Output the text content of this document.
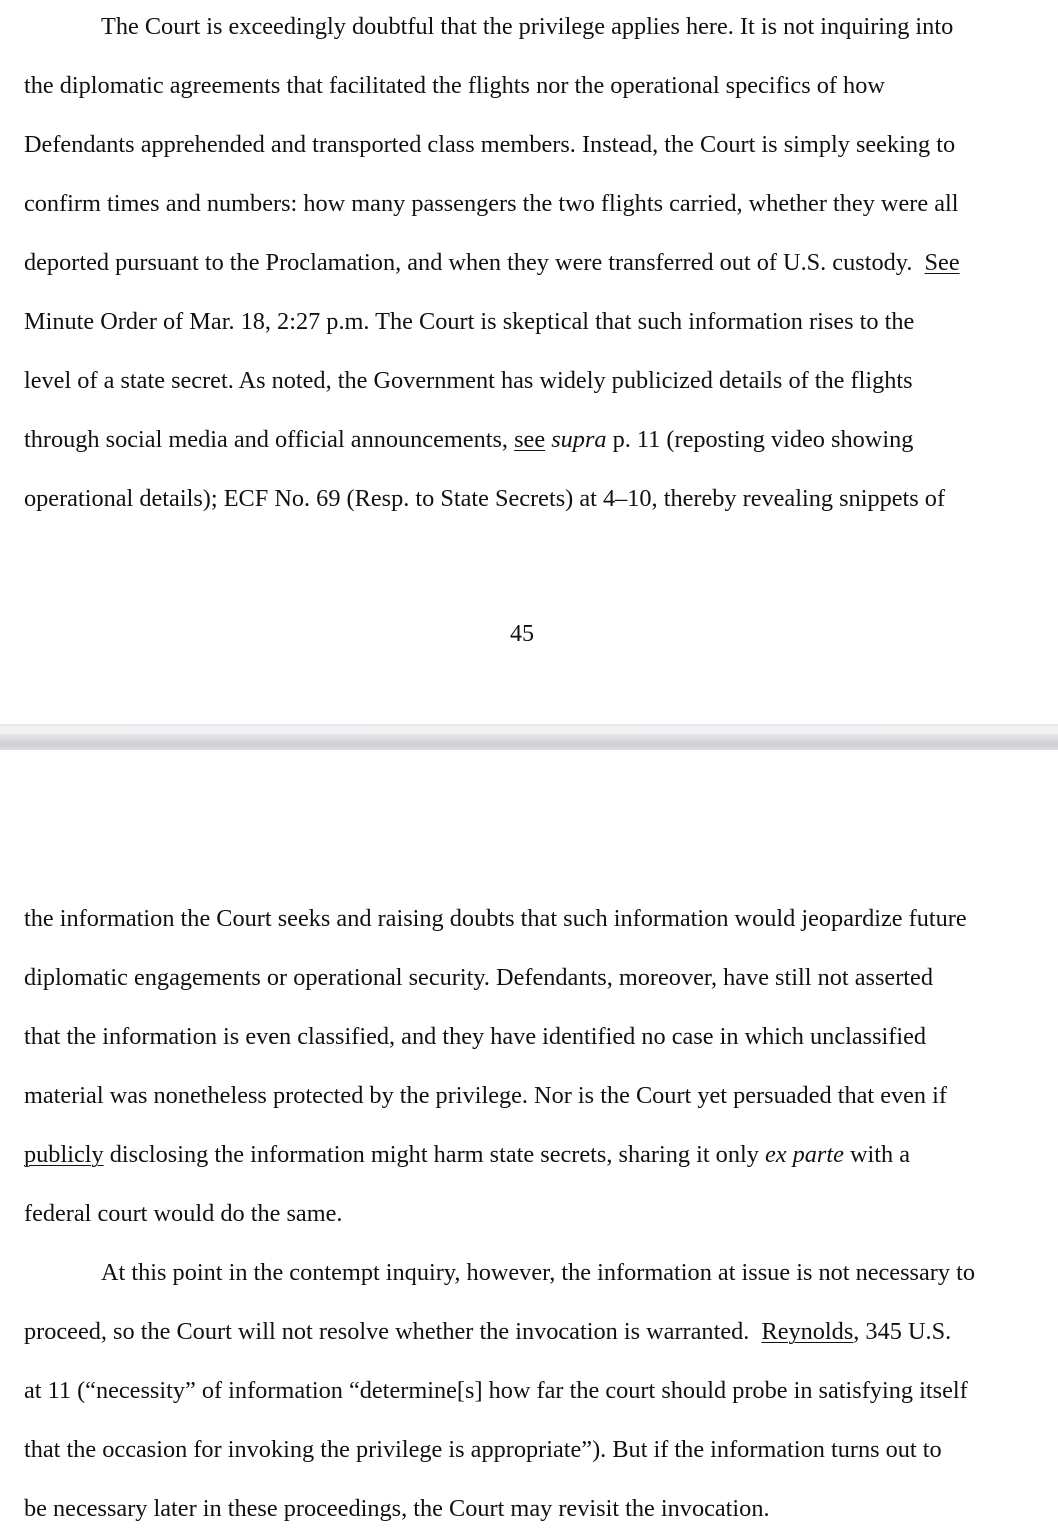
The Court is exceedingly doubtful that the privilege applies here. It is not inquiring into
the diplomatic agreements that facilitated the flights nor the operational specifics of how
Defendants apprehended and transported class members. Instead, the Court is simply seeking to
confirm times and numbers: how many passengers the two flights carried, whether they were all
deported pursuant to the Proclamation, and when they were transferred out of U.S. custody.  See
Minute Order of Mar. 18, 2:27 p.m. The Court is skeptical that such information rises to the
level of a state secret. As noted, the Government has widely publicized details of the flights
through social media and official announcements, see supra p. 11 (reposting video showing
operational details); ECF No. 69 (Resp. to State Secrets) at 4–10, thereby revealing snippets of
45
the information the Court seeks and raising doubts that such information would jeopardize future
diplomatic engagements or operational security. Defendants, moreover, have still not asserted
that the information is even classified, and they have identified no case in which unclassified
material was nonetheless protected by the privilege. Nor is the Court yet persuaded that even if
publicly disclosing the information might harm state secrets, sharing it only ex parte with a
federal court would do the same.
At this point in the contempt inquiry, however, the information at issue is not necessary to
proceed, so the Court will not resolve whether the invocation is warranted.  Reynolds, 345 U.S.
at 11 (“necessity” of information “determine[s] how far the court should probe in satisfying itself
that the occasion for invoking the privilege is appropriate”). But if the information turns out to
be necessary later in these proceedings, the Court may revisit the invocation.
